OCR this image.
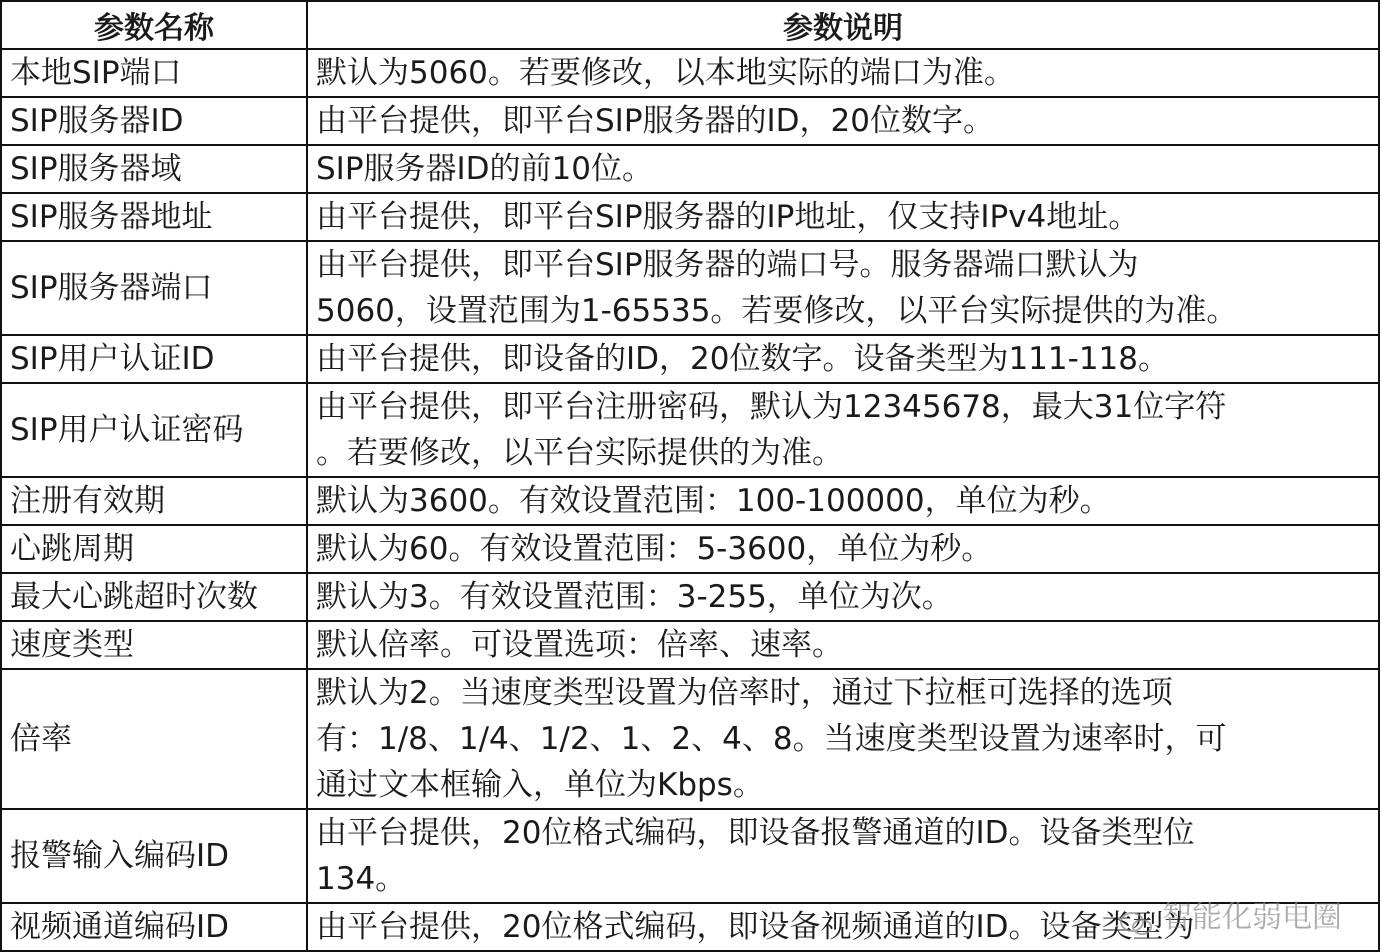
参数名称	参数说明
本地SIP端口	默认为5060。若要修改，以本地实际的端口为准。

SIP服务器ID	由平台提供，即平台SIP服务器的ID，20位数字。

SIP服务器域	SIP服务器ID的前10位。

SIP服务器地址	由平台提供，即平台SIP服务器的IP地址，仅支持IPv4地址。

SIP服务器端口	由平台提供，即平台SIP服务器的端口号。服务器端口默认为
5060，设置范围为1-65535。若要修改，以平台实际提供的为准。

SIP用户认证ID	由平台提供，即设备的ID，20位数字。设备类型为111-118。

SIP用户认证密码	由平台提供，即平台注册密码，默认为12345678，最大31位字符
。若要修改，以平台实际提供的为准。

注册有效期	默认为3600。有效设置范围：100-100000，单位为秒。

心跳周期	默认为60。有效设置范围：5-3600，单位为秒。

最大心跳超时次数	默认为3。有效设置范围：3-255，单位为次。

速度类型	默认倍率。可设置选项：倍率、速率。

倍率	默认为2。当速度类型设置为倍率时，通过下拉框可选择的选项
有：1/8、1/4、1/2、1、2、4、8。当速度类型设置为速率时，可
通过文本框输入，单位为Kbps。

报警输入编码ID	由平台提供，20位格式编码，即设备报警通道的ID。设备类型位
134。

视频通道编码ID	由平台提供，20位格式编码，即设备视频通道的ID。设备类型为
智能化弱电圈
